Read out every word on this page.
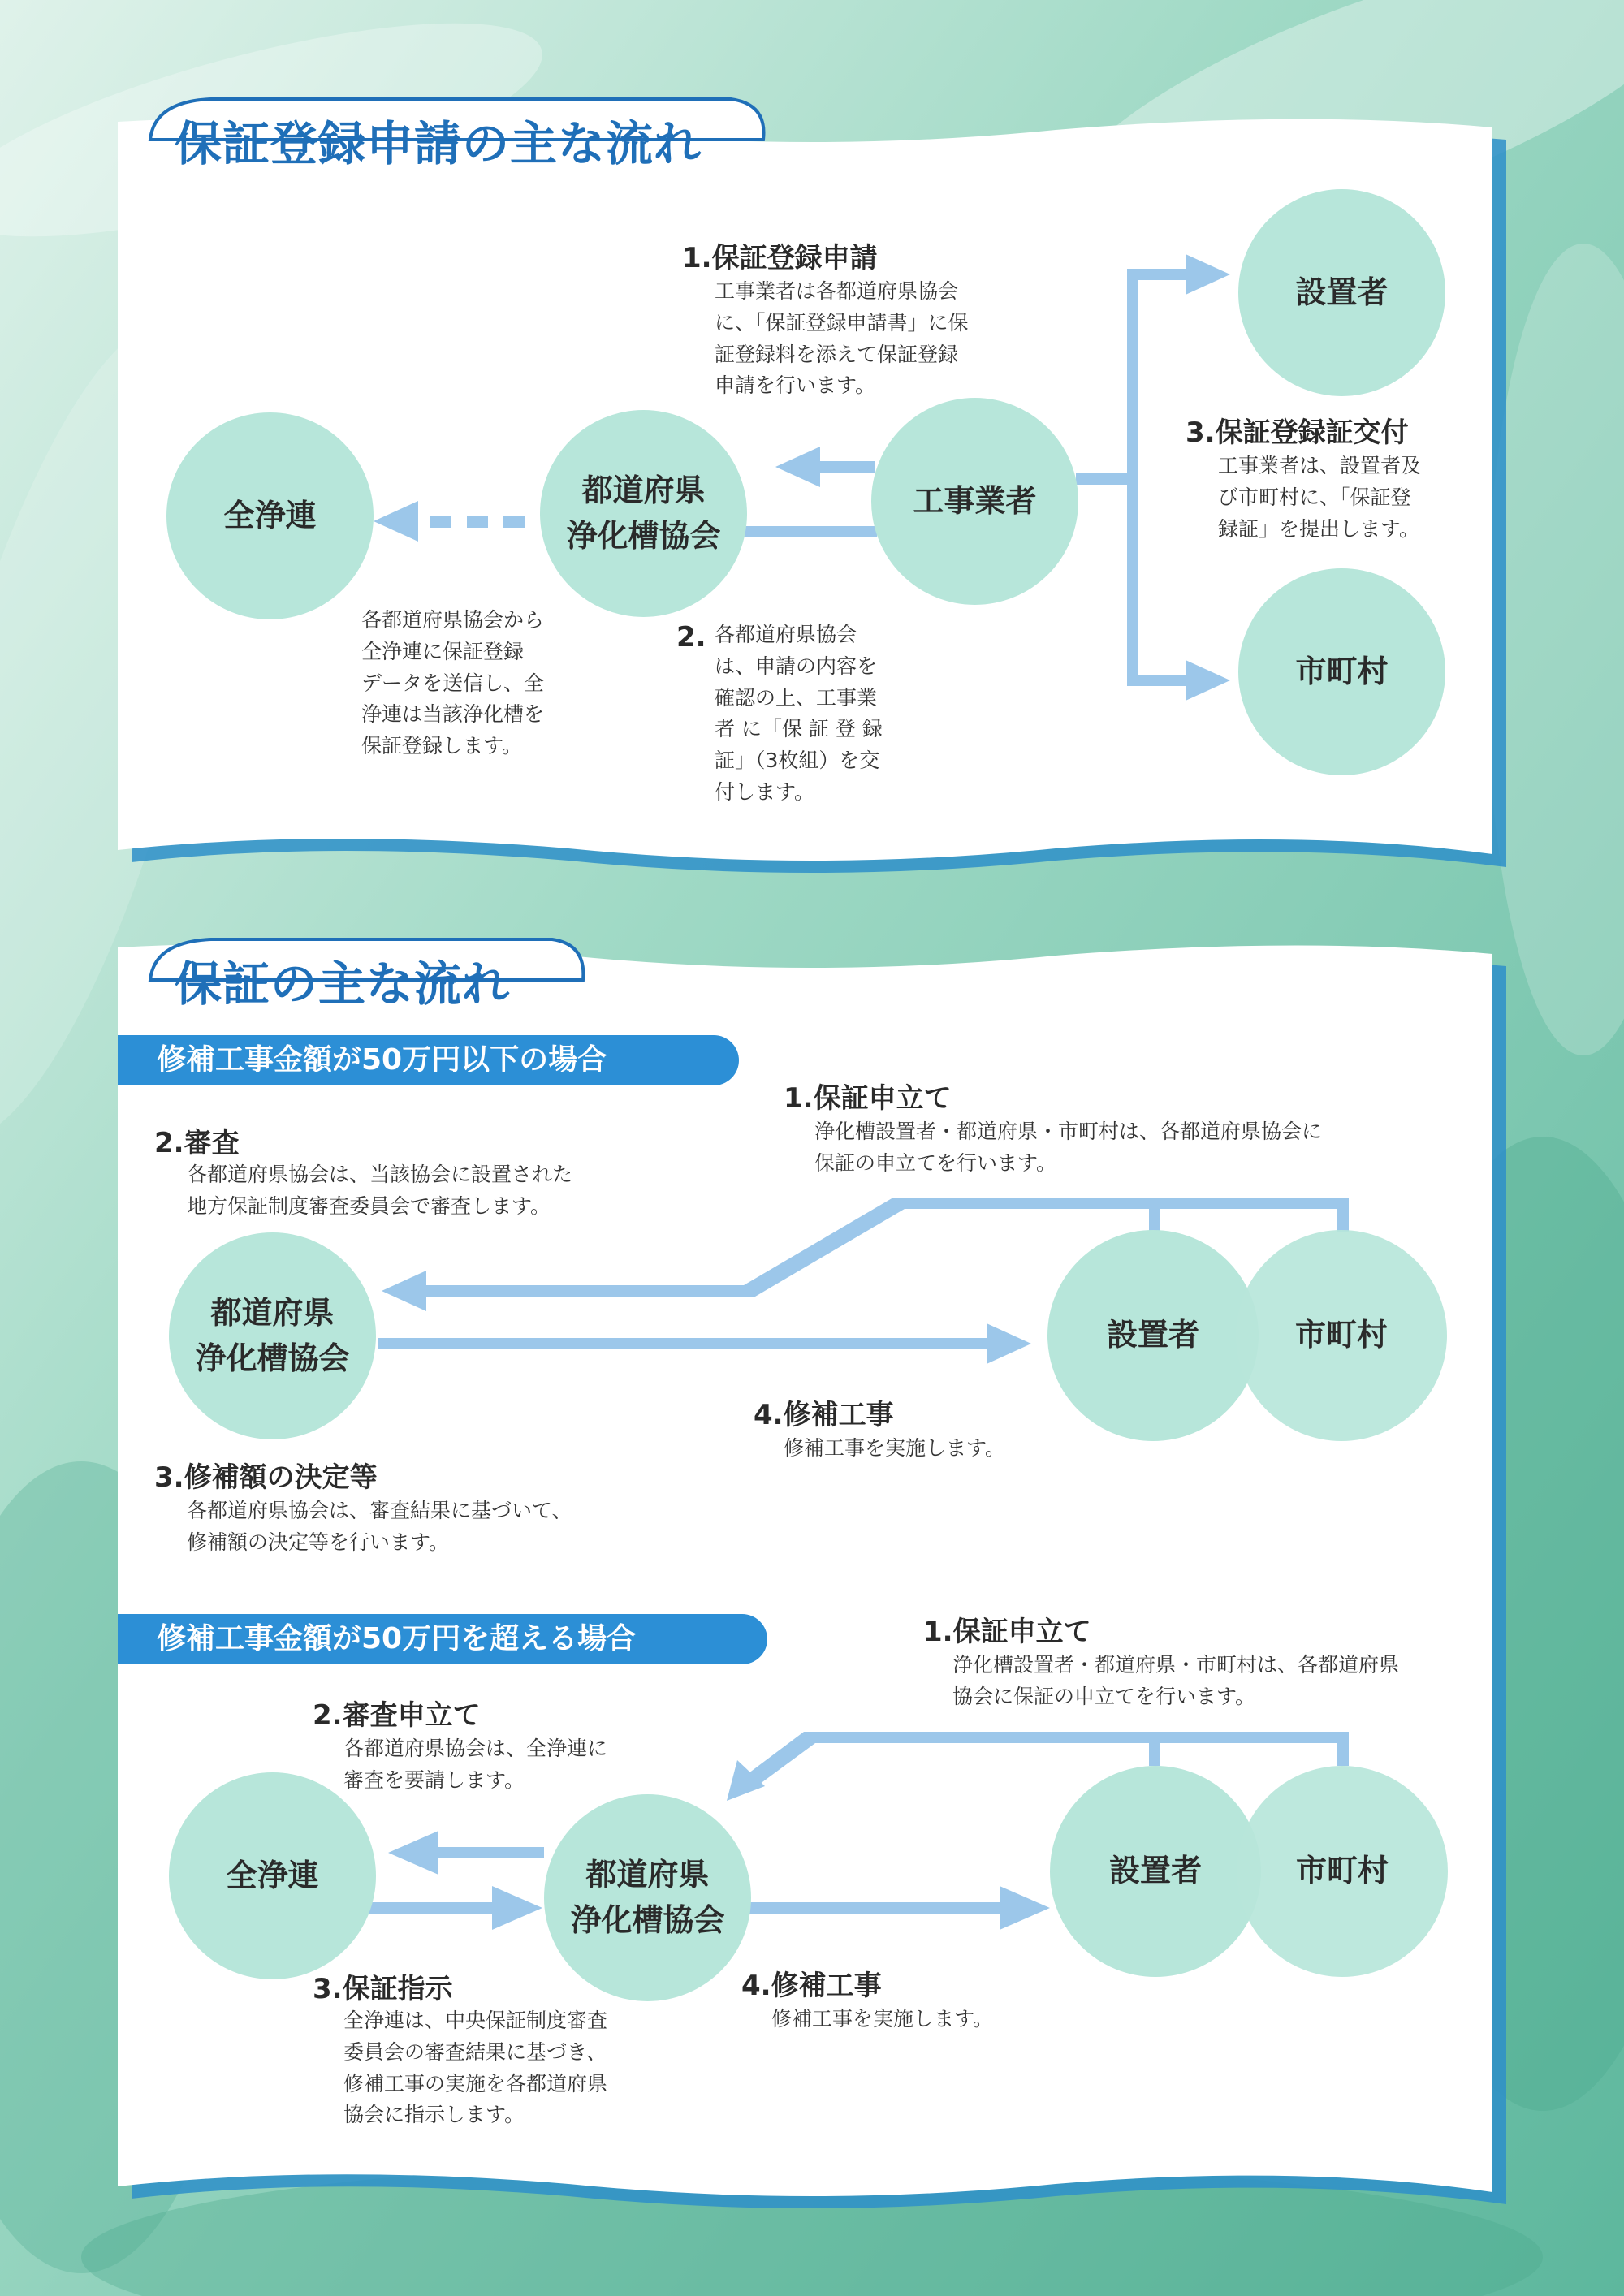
保証登録申請の主な流れ
保証の主な流れ
全浄連
都道府県
浄化槽協会
工事業者
設置者
市町村
1.保証登録申請
工事業者は各都道府県協会
に、「保証登録申請書」に保
証登録料を添えて保証登録
申請を行います。
2. 各都道府県協会
は、申請の内容を
確認の上、工事業
者 に「保 証 登 録
証」（3枚組）を交
付します。
3.保証登録証交付
工事業者は、設置者及
び市町村に、「保証登
録証」を提出します。
各都道府県協会から
全浄連に保証登録
データを送信し、全
浄連は当該浄化槽を
保証登録します。
修補工事金額が50万円以下の場合
1.保証申立て
浄化槽設置者・都道府県・市町村は、各都道府県協会に
保証の申立てを行います。
2.審査
各都道府県協会は、当該協会に設置された
地方保証制度審査委員会で審査します。
都道府県
浄化槽協会
設置者	市町村
4.修補工事
修補工事を実施します。
3.修補額の決定等
各都道府県協会は、審査結果に基づいて、
修補額の決定等を行います。
修補工事金額が50万円を超える場合	1.保証申立て
浄化槽設置者・都道府県・市町村は、各都道府県
協会に保証の申立てを行います。
2.審査申立て
各都道府県協会は、全浄連に
審査を要請します。
全浄連	都道府県
浄化槽協会
設置者	市町村
3.保証指示
全浄連は、中央保証制度審査
委員会の審査結果に基づき、
修補工事の実施を各都道府県
協会に指示します。
4.修補工事
修補工事を実施します。
